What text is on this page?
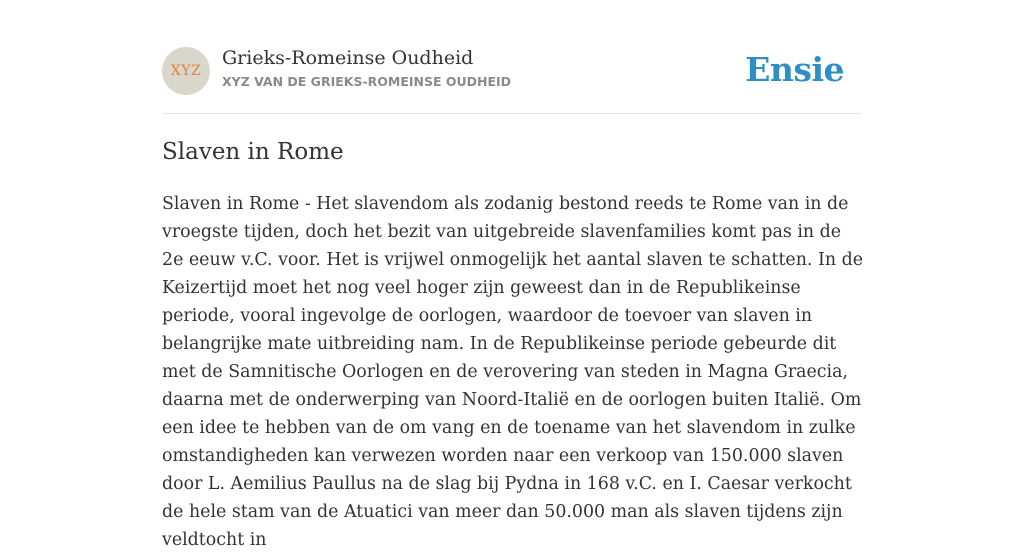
XYZ
Grieks-Romeinse Oudheid
XYZ VAN DE GRIEKS-ROMEINSE OUDHEID	Ensie
Slaven in Rome

Slaven in Rome - Het slavendom als zodanig bestond reeds te Rome van in de vroegste tijden, doch het bezit van uitgebreide slavenfamilies komt pas in de 2e eeuw v.C. voor. Het is vrijwel onmogelijk het aantal slaven te schatten. In de Keizertijd moet het nog veel hoger zijn geweest dan in de Republikeinse periode, vooral ingevolge de oorlogen, waardoor de toevoer van slaven in belangrijke mate uitbreiding nam. In de Republikeinse periode gebeurde dit met de Samnitische Oorlogen en de verovering van steden in Magna Graecia, daarna met de onderwerping van Noord-Italië en de oorlogen buiten Italië. Om een idee te hebben van de om vang en de toename van het slavendom in zulke omstandigheden kan verwezen worden naar een verkoop van 150.000 slaven door L. Aemilius Paullus na de slag bij Pydna in 168 v.C. en I. Caesar verkocht de hele stam van de Atuatici van meer dan 50.000 man als slaven tijdens zijn veldtocht in
